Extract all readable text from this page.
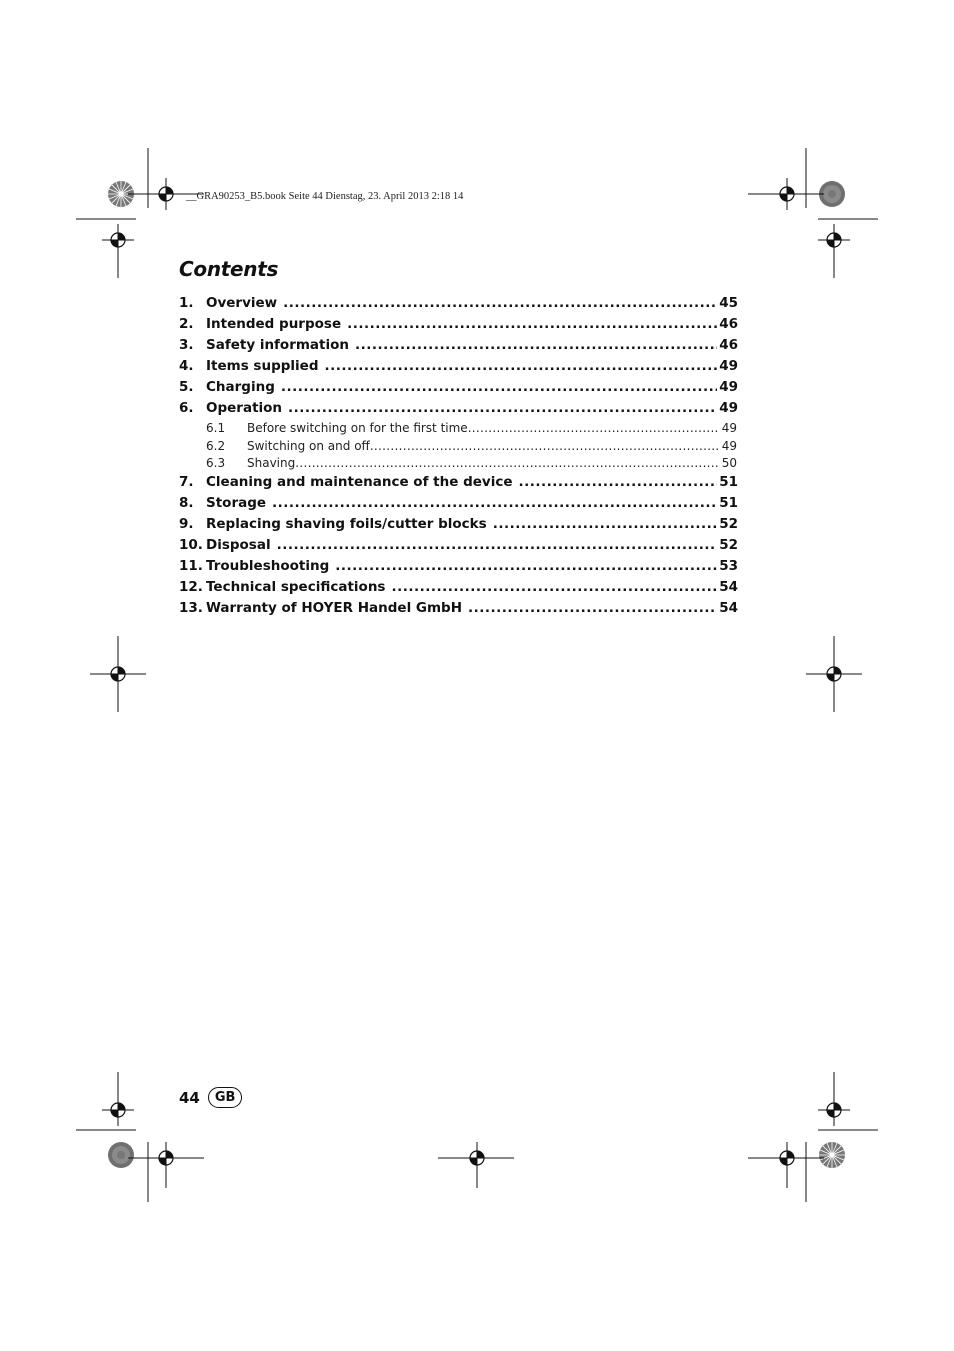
__GRA90253_B5.book Seite 44 Dienstag, 23. April 2013 2:18 14
Contents
1. Overview .....	45
2. Intended purpose .....	46
3. Safety information .....	46
4. Items supplied .....	49
5. Charging .....	49
6. Operation .....	49
6.1	Before switching on for the first time .....	49
6.2	Switching on and off .....	49
6.3	Shaving .....	50
7. Cleaning and maintenance of the device .....	51
8. Storage .....	51
9. Replacing shaving foils/cutter blocks .....	52
10. Disposal .....	52
11. Troubleshooting .....	53
12. Technical specifications .....	54
13. Warranty of HOYER Handel GmbH .....	54
44	GB
